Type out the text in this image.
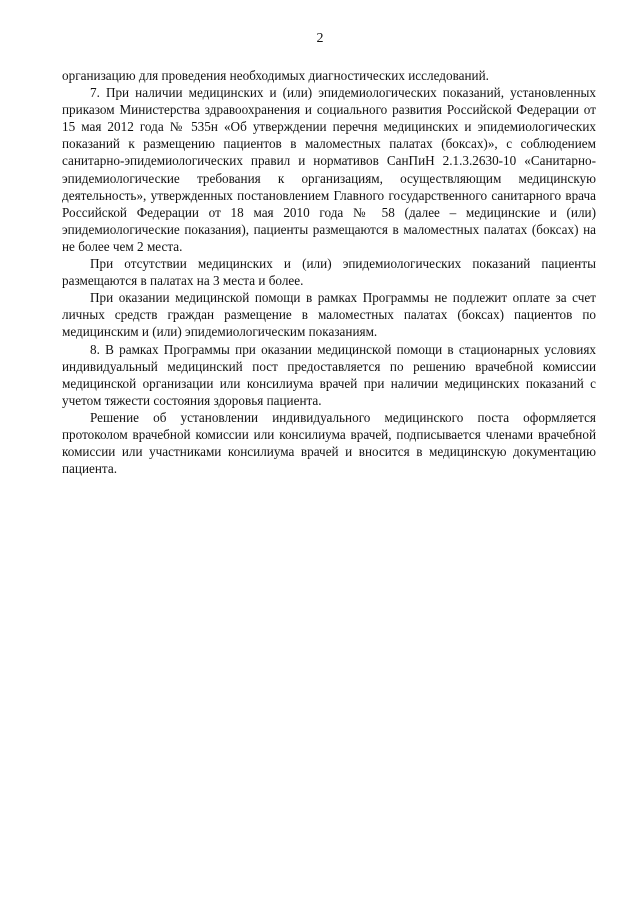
2

организацию для проведения необходимых диагностических исследований.

7. При наличии медицинских и (или) эпидемиологических показаний, установленных приказом Министерства здравоохранения и социального развития Российской Федерации от 15 мая 2012 года № 535н «Об утверждении перечня медицинских и эпидемиологических показаний к размещению пациентов в маломестных палатах (боксах)», с соблюдением санитарно-эпидемиологических правил и нормативов СанПиН 2.1.3.2630-10 «Санитарно-эпидемиологические требования к организациям, осуществляющим медицинскую деятельность», утвержденных постановлением Главного государственного санитарного врача Российской Федерации от 18 мая 2010 года № 58 (далее – медицинские и (или) эпидемиологические показания), пациенты размещаются в маломестных палатах (боксах) на не более чем 2 места.

При отсутствии медицинских и (или) эпидемиологических показаний пациенты размещаются в палатах на 3 места и более.

При оказании медицинской помощи в рамках Программы не подлежит оплате за счет личных средств граждан размещение в маломестных палатах (боксах) пациентов по медицинским и (или) эпидемиологическим показаниям.

8. В рамках Программы при оказании медицинской помощи в стационарных условиях индивидуальный медицинский пост предоставляется по решению врачебной комиссии медицинской организации или консилиума врачей при наличии медицинских показаний с учетом тяжести состояния здоровья пациента.

Решение об установлении индивидуального медицинского поста оформляется протоколом врачебной комиссии или консилиума врачей, подписывается членами врачебной комиссии или участниками консилиума врачей и вносится в медицинскую документацию пациента.
